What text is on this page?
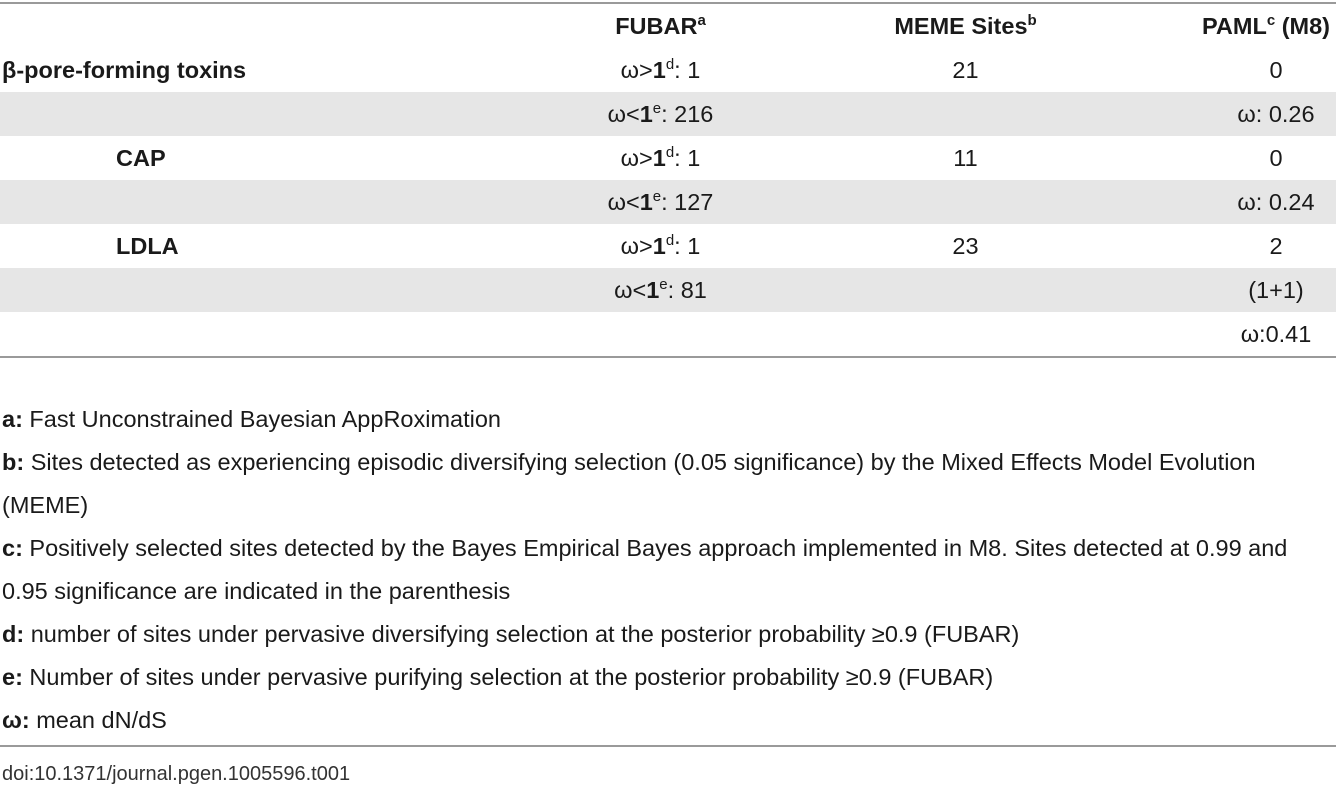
	FUBAR$^a$	MEME Sites$^b$	PAML$^c$ (M8)
β-pore-forming toxins	$\omega>1^d$: 1	21	0
	$\omega<1^e$: 216		ω: 0.26
CAP	$\omega>1^d$: 1	11	0
	$\omega<1^e$: 127		ω: 0.24
LDLA	$\omega>1^d$: 1	23	2
	$\omega<1^e$: 81		(1+1)
			ω:0.41

a: Fast Unconstrained Bayesian AppRoximation

b: Sites detected as experiencing episodic diversifying selection (0.05 significance) by the Mixed Effects Model Evolution (MEME)

c: Positively selected sites detected by the Bayes Empirical Bayes approach implemented in M8. Sites detected at 0.99 and 0.95 significance are indicated in the parenthesis

d: number of sites under pervasive diversifying selection at the posterior probability ≥0.9 (FUBAR)

e: Number of sites under pervasive purifying selection at the posterior probability ≥0.9 (FUBAR)

ω: mean dN/dS

doi:10.1371/journal.pgen.1005596.t001
